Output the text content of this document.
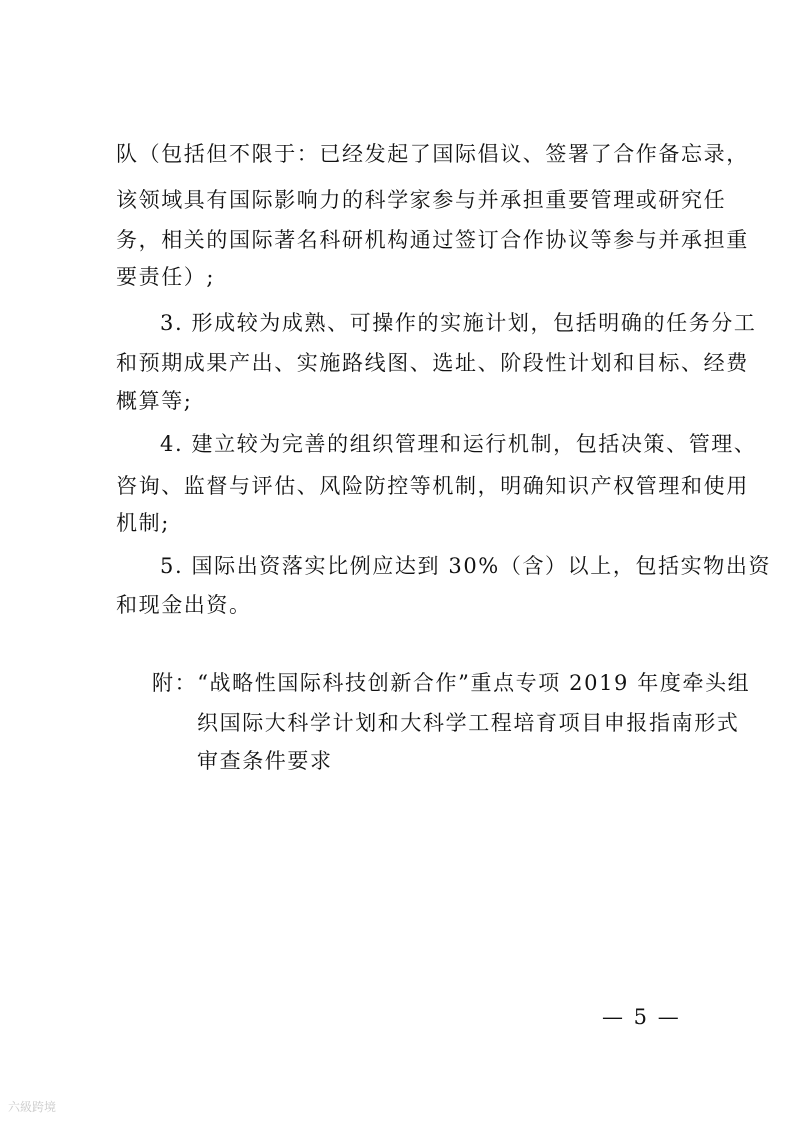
队（包括但不限于：已经发起了国际倡议、签署了合作备忘录，
该领域具有国际影响力的科学家参与并承担重要管理或研究任
务，相关的国际著名科研机构通过签订合作协议等参与并承担重
要责任）;
3. 形成较为成熟、可操作的实施计划，包括明确的任务分工
和预期成果产出、实施路线图、选址、阶段性计划和目标、经费
概算等;
4. 建立较为完善的组织管理和运行机制，包括决策、管理、
咨询、监督与评估、风险防控等机制，明确知识产权管理和使用
机制;
5. 国际出资落实比例应达到 30%（含）以上，包括实物出资
和现金出资。
附：“战略性国际科技创新合作”重点专项 2019 年度牵头组
织国际大科学计划和大科学工程培育项目申报指南形式
审查条件要求
— 5 —
六級跨境
